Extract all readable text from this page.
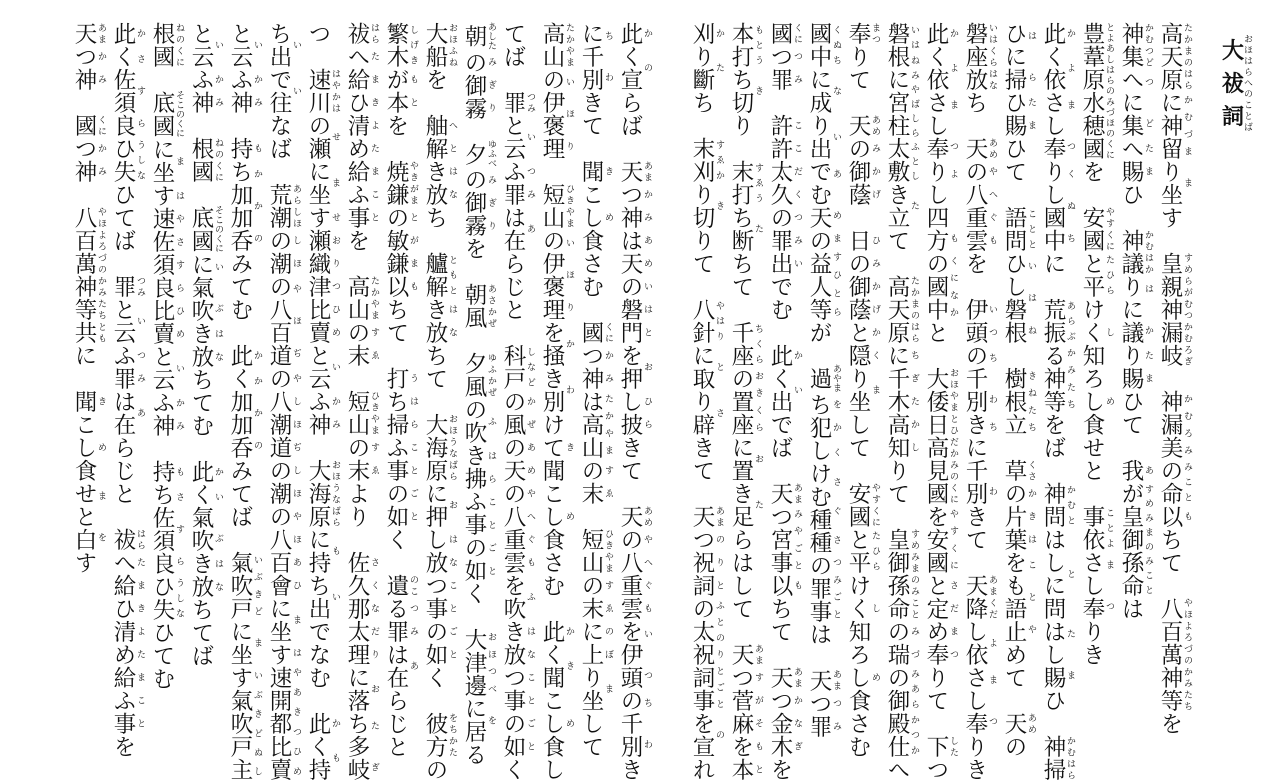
大祓詞おほはらへのことば
高天原 たかまのはらに神留 かむづまり坐 ます　皇親神漏岐 すめらがむつかむろぎ　神漏美 かむろみの命 みこと以 もちて　八百萬神等 やほよろづのかみたちを
神集 かむつどへに集 つどへ賜 たまひ　神議 かむはかりに議 はかり賜 たまひて　我 あが皇御孫命 すめみまのみことは
豊葦原水穂國 とよあしはらのみづほのくにを　安國 やすくにと平 たひらけく知 しろし食 めせと　事依 ことよさし奉 まつりき
此 かく依 よさし奉 まつりし國中 くぬちに　荒振 あらぶる神等 かみたちをば　神問 かむとはしに問 とはし賜 たまひ　神掃 かむはら
ひに掃 はらひ賜 たまひて　語問 こととひし磐根 いはね　樹根立 きねたち　草 くさの片葉 かきはをも語止 ことやめて　天 あめの
磐座放 いはくらはなち　天 あめの八重雲 やへぐもを　伊頭 いつの千別 ちわきに千別 ちわきて　天降 あまくだし依 よさし奉 まつりき
此 かく依 よさし奉 まつりし四方 よもの國中 くになかと　大倭日高見國 おほやまとひだかみのくにを安國 やすくにと定 さだめ奉 まつりて　下 したつ
磐根 いはねに宮柱太敷 みやばしらふとしき立 たて　高天原 たかまのはらに千木高知 ちぎたかしりて　皇御孫命 すめみまのみことの瑞 みづの御殿仕 みあらかつかへ
奉 まつりて　天 あめの御蔭 みかげ　日 ひの御蔭 みかげと隠 かくり坐 まして　安國 やすくにと平 たひらけく知 しろし食 めさむ
國中 くぬちに成 なり出 いでむ天 あめの益人等 ますひとらが　過 あやまち犯 をかしけむ種種 くさぐさの罪事 つみごとは　天 あまつ罪 つみ
國 くにつ罪 つみ　許許太久 ここだくの罪 つみ出 いでむ　此 かく出 いでば　天 あまつ宮事 みやごと以 もちて　天 あまつ金木 かなぎを
本打 もとうち切 きり　末打 すゑうち断 たちて　千座 ちくらの置座 おきくらに置 おき足 たらはして　天 あまつ菅麻 すがそを本 もと
刈 かり斷 たち　末刈 すゑかり切 きりて　八針 やはりに取 とり辟 さきて　天 あまつ祝詞 のりとの太祝詞事 ふとのりとごとを宣 のれ

此 かく宣 のらば　天 あまつ神 かみは天 あめの磐門 いはとを押 おし披 ひらきて　天 あめの八重雲 やへぐもを伊頭 いつの千別 ちわき
に千別 ちわきて　聞 きこし食 めさむ　國 くにつ神 かみは高山 たかやまの末 すゑ　短山 ひきやまの末 すゑに上 のぼり坐 まして
高山 たかやまの伊褒理 いほり　短山 ひきやまの伊褒理 いほりを掻 かき別 わけて聞 きこし食 めさむ　此 かく聞 きこし食 めし
てば　罪 つみと云 いふ罪 つみは在 あらじと　科戸 しなどの風 かぜの天 あめの八重雲 やへぐもを吹 ふき放 はなつ事 ことの如 ごとく
朝 あしたの御霧 みぎり　夕 ゆふべの御霧 みぎりを　朝風 あさかぜ　夕風 ゆふかぜの吹 ふき拂 はらふ事 ことの如 ごとく　大津邊 おほつべに居 をる
大船 おほふねを　舳解 へとき放 はなち　艫解 ともとき放 はなちて　大海原 おほうなばらに押 おし放 はなつ事 ことの如 ごとく　彼方 をちかたの
繁木 しげきが本 もとを　焼鎌 やきがまの敏鎌 とがま以 もちて　打 うち掃 はらふ事 ことの如 ごとく　遺 のこる罪 つみは在 あらじと
祓 はらへ給 たまひ清 きよめ給 たまふ事 ことを　高山 たかやまの末 すゑ　短山 ひきやまの末 すゑより　佐久那太理 さくなだりに落 おち多岐 たぎ
つ　速川 はやかはの瀬 せに坐 ます瀬織津比賣 せおりつひめと云 いふ神 かみ　大海原 おほうなばらに持 もち出 いでなむ　此 かく持 も
ち出 いで往 いなば　荒潮 あらしほの潮 しほの八百道 やほぢの八潮道 やしほぢの潮 しほの八百會 やほあひに坐 ます速開都比賣 はやあきつひめ
と云 いふ神 かみ　持 もち加加呑 かかのみてむ　此 かく加加呑 かかのみてば　氣吹戸 いぶきどに坐 ます氣吹戸主 いぶきどぬし
と云 いふ神 かみ　根國 ねのくに　底國 そこのくにに氣吹 いぶき放 はなちてむ　此 かく氣吹 いぶき放 はなちてば
根國 ねのくに　底國 そこのくにに坐 ます速佐須良比賣 はやさすらひめと云 いふ神 かみ　持 もち佐須良 さすらひ失 うしなひてむ
此 かく佐須良 さすらひ失 うしなひてば　罪 つみと云 いふ罪 つみは在 あらじと　祓 はらへ給 たまひ清 きよめ給 たまふ事 ことを
天 あまつ神 かみ　國 くにつ神 かみ　八百萬神等共 やほよろづのかみたちともに　聞 きこし食 めせと白 まをす
